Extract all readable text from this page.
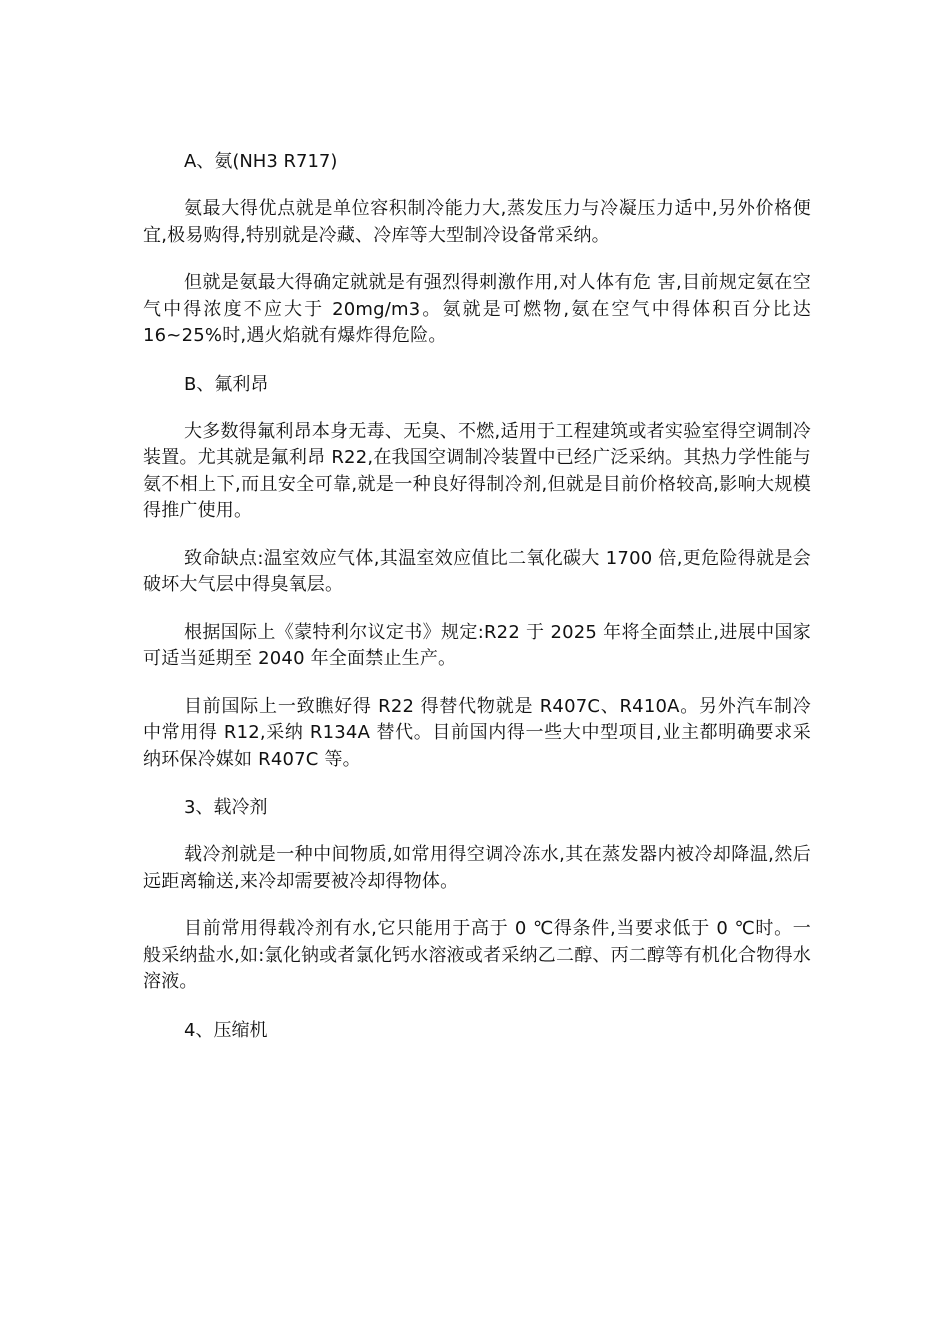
A、氨(NH3 R717)

氨最大得优点就是单位容积制冷能力大,蒸发压力与冷凝压力适中,另外价格便宜,极易购得,特别就是冷藏、冷库等大型制冷设备常采纳。

但就是氨最大得确定就就是有强烈得刺激作用,对人体有危 害,目前规定氨在空气中得浓度不应大于 20mg/m3。氨就是可燃物,氨在空气中得体积百分比达 16~25%时,遇火焰就有爆炸得危险。

B、氟利昂

大多数得氟利昂本身无毒、无臭、不燃,适用于工程建筑或者实验室得空调制冷装置。尤其就是氟利昂 R22,在我国空调制冷装置中已经广泛采纳。其热力学性能与氨不相上下,而且安全可靠,就是一种良好得制冷剂,但就是目前价格较高,影响大规模得推广使用。

致命缺点:温室效应气体,其温室效应值比二氧化碳大 1700 倍,更危险得就是会破坏大气层中得臭氧层。

根据国际上《蒙特利尔议定书》规定:R22 于 2025 年将全面禁止,进展中国家可适当延期至 2040 年全面禁止生产。

目前国际上一致瞧好得 R22 得替代物就是 R407C、R410A。另外汽车制冷中常用得 R12,采纳 R134A 替代。目前国内得一些大中型项目,业主都明确要求采纳环保冷媒如 R407C 等。

3、载冷剂

载冷剂就是一种中间物质,如常用得空调冷冻水,其在蒸发器内被冷却降温,然后远距离输送,来冷却需要被冷却得物体。

目前常用得载冷剂有水,它只能用于高于 0 ℃得条件,当要求低于 0 ℃时。一般采纳盐水,如:氯化钠或者氯化钙水溶液或者采纳乙二醇、丙二醇等有机化合物得水溶液。

4、压缩机
